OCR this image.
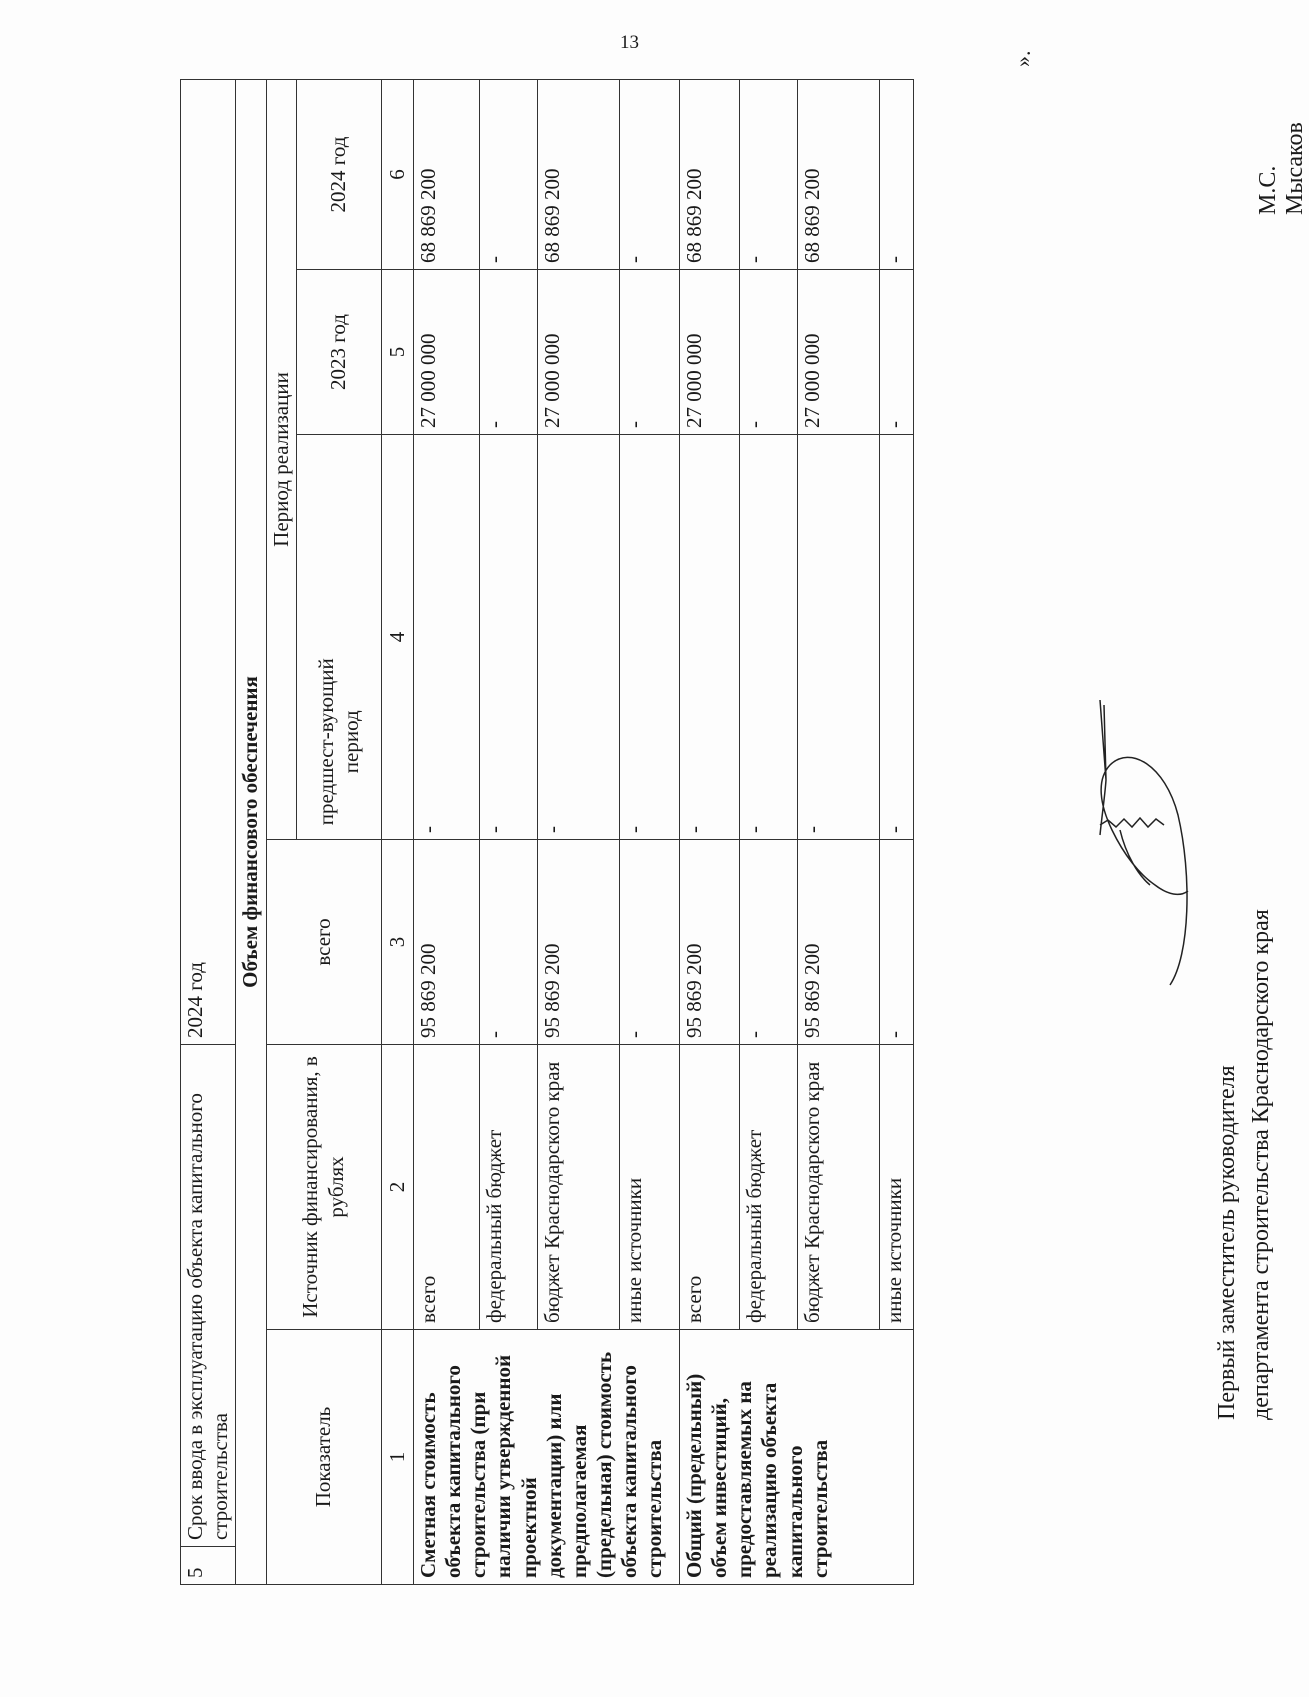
13
5	Срок ввода в эксплуатацию объекта капитального строительства		2024 год				
Объем финансового обеспечения							
Показатель		Источник финансирования, в рублях	всего	Период реализации			
				предшест-вующий период		2023 год	2024 год
1		2	3	4		5	6
Сметная стоимость объекта капитального строительства (при наличии утвержденной проектной документации) или предполагаемая (предельная) стоимость объекта капитального строительства		всего	95 869 200	-		27 000 000	68 869 200
		федеральный бюджет	-	-		-	-
		бюджет Краснодарского края	95 869 200	-		27 000 000	68 869 200
		иные источники	-	-		-	-
Общий (предельный) объем инвестиций, предоставляемых на реализацию объекта капитального строительства		всего	95 869 200	-		27 000 000	68 869 200
		федеральный бюджет	-	-		-	-
		бюджет Краснодарского края	95 869 200	-		27 000 000	68 869 200
		иные источники	-	-		-	-
».
Первый заместитель руководителя департамента строительства Краснодарского края
М.С. Мысаков
